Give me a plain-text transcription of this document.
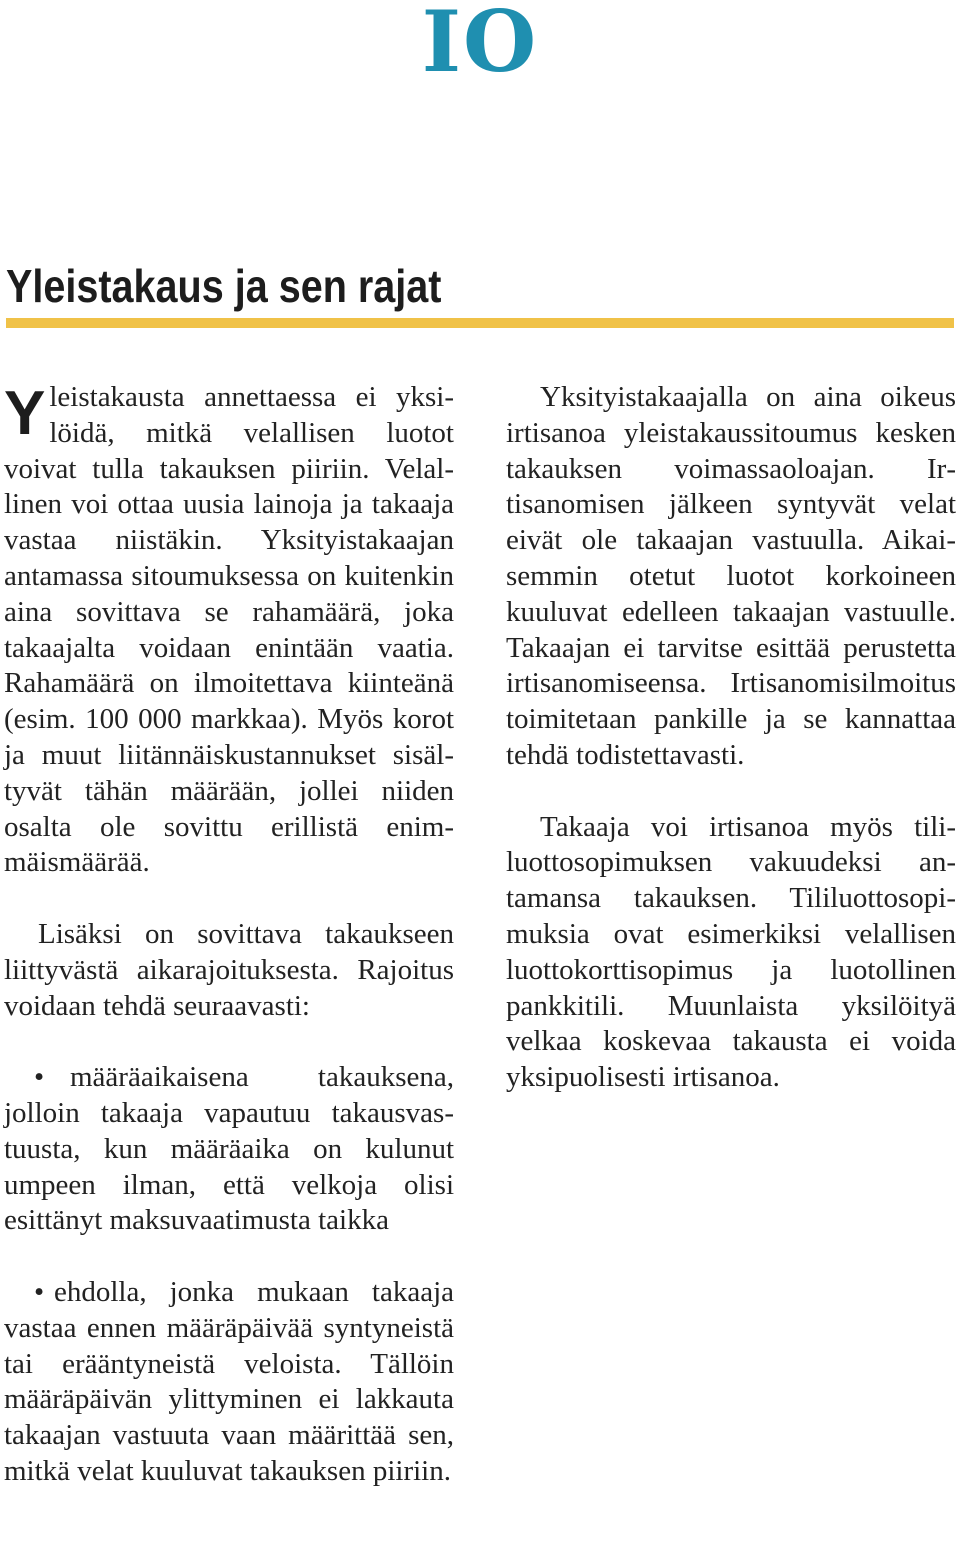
IO
Yleistakaus ja sen rajat

Yleistakausta annettaessa ei yksilöidä, mitkä velallisen luotot voivat tulla takauksen piiriin. Velallinen voi ottaa uusia lainoja ja takaaja vastaa niistäkin. Yksityistakaajan antamassa sitoumuksessa on kuitenkin aina sovittava se rahamäärä, joka takaajalta voidaan enintään vaatia. Rahamäärä on ilmoitettava kiinteänä (esim. 100 000 markkaa). Myös korot ja muut liitännäiskustannukset sisältyvät tähän määrään, jollei niiden osalta ole sovittu erillistä enimmäismäärää.

Lisäksi on sovittava takaukseen liittyvästä aikarajoituksesta. Rajoitus voidaan tehdä seuraavasti:

• määräaikaisena takauksena, jolloin takaaja vapautuu takausvastuusta, kun määräaika on kulunut umpeen ilman, että velkoja olisi esittänyt maksuvaatimusta taikka

• ehdolla, jonka mukaan takaaja vastaa ennen määräpäivää syntyneistä tai erääntyneistä veloista. Tällöin määräpäivän ylittyminen ei lakkauta takaajan vastuuta vaan määrittää sen, mitkä velat kuuluvat takauksen piiriin.

Yksityistakaajalla on aina oikeus irtisanoa yleistakaussitoumus kesken takauksen voimassaoloajan. Irtisanomisen jälkeen syntyvät velat eivät ole takaajan vastuulla. Aikaisemmin otetut luotot korkoineen kuuluvat edelleen takaajan vastuulle. Takaajan ei tarvitse esittää perustetta irtisanomiseensa. Irtisanomisilmoitus toimitetaan pankille ja se kannattaa tehdä todistettavasti.

Takaaja voi irtisanoa myös tililuottosopimuksen vakuudeksi antamansa takauksen. Tililuottosopimuksia ovat esimerkiksi velallisen luottokorttisopimus ja luotollinen pankkitili. Muunlaista yksilöityä velkaa koskevaa takausta ei voida yksipuolisesti irtisanoa.
